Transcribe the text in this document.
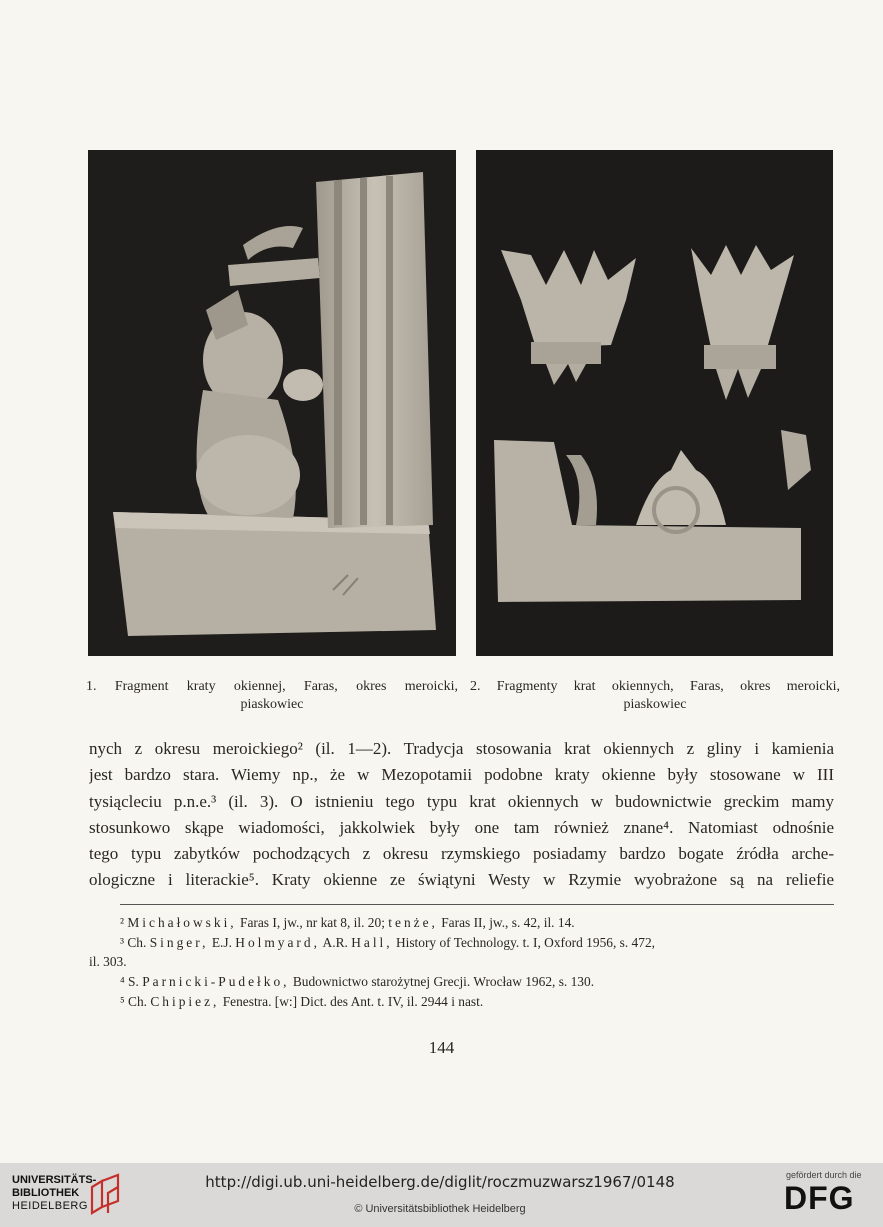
1. Fragment kraty okiennej, Faras, okres meroicki,
piaskowiec
2. Fragmenty krat okiennych, Faras, okres meroicki,
piaskowiec
nych z okresu meroickiego² (il. 1—2). Tradycja stosowania krat okiennych z gliny i kamienia
jest bardzo stara. Wiemy np., że w Mezopotamii podobne kraty okienne były stosowane w III
tysiącleciu p.n.e.³ (il. 3). O istnieniu tego typu krat okiennych w budownictwie greckim mamy
stosunkowo skąpe wiadomości, jakkolwiek były one tam również znane⁴. Natomiast odnośnie
tego typu zabytków pochodzących z okresu rzymskiego posiadamy bardzo bogate źródła arche-
ologiczne i literackie⁵. Kraty okienne ze świątyni Westy w Rzymie wyobrażone są na reliefie
² Michałowski, Faras I, jw., nr kat 8, il. 20; tenże, Faras II, jw., s. 42, il. 14.
³ Ch. Singer, E.J. Holmyard, A.R. Hall, History of Technology. t. I, Oxford 1956, s. 472,
il. 303.
⁴ S. Parnicki-Pudełko, Budownictwo starożytnej Grecji. Wrocław 1962, s. 130.
⁵ Ch. Chipiez, Fenestra. [w:] Dict. des Ant. t. IV, il. 2944 i nast.
144
UNIVERSITÄTS-
BIBLIOTHEK
HEIDELBERG
http://digi.ub.uni-heidelberg.de/diglit/roczmuzwarsz1967/0148
© Universitätsbibliothek Heidelberg
gefördert durch die
DFG
